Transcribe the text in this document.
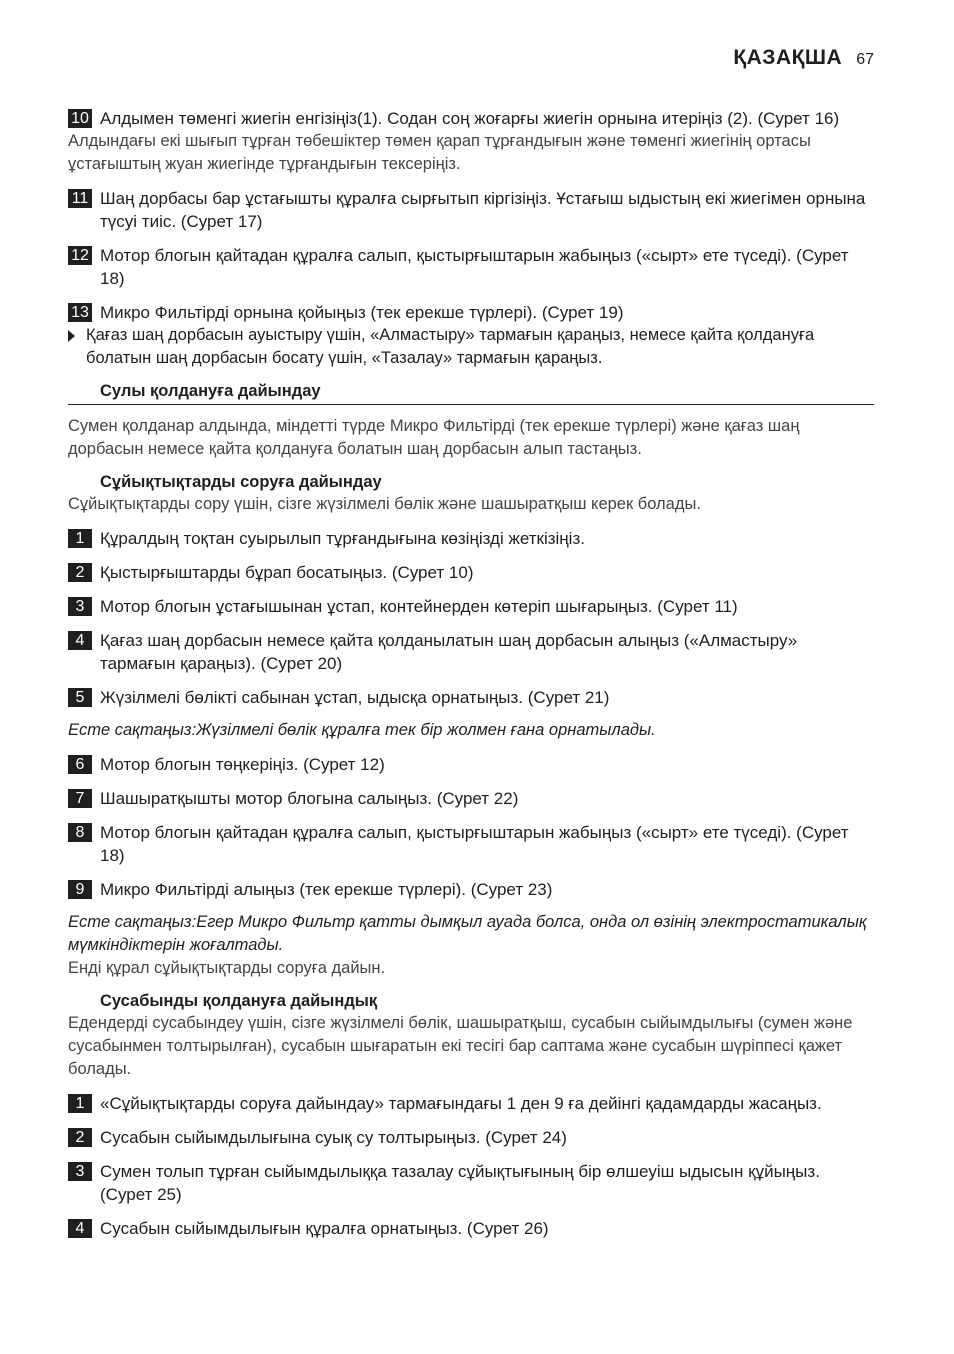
ҚАЗАҚША 67
10 Алдымен төменгі жиегін енгізіңіз(1). Содан соң жоғарғы жиегін орнына итеріңіз (2). (Сурет 16)
Алдындағы екі шығып тұрған төбешіктер төмен қарап тұрғандығын және төменгі жиегінің ортасы ұстағыштың жуан жиегінде тұрғандығын тексеріңіз.
11 Шаң дорбасы бар ұстағышты құралға сырғытып кіргізіңіз. Ұстағыш ыдыстың екі жиегімен орнына түсуі тиіс. (Сурет 17)
12 Мотор блогын қайтадан құралға салып, қыстырғыштарын жабыңыз («сырт» ете түседі). (Сурет 18)
13 Микро Фильтірді орнына қойыңыз (тек ерекше түрлері). (Сурет 19)
Қағаз шаң дорбасын ауыстыру үшін, «Алмастыру» тармағын қараңыз, немесе қайта қолдануға болатын шаң дорбасын босату үшін, «Тазалау» тармағын қараңыз.
Сулы қолдануға дайындау
Сумен қолданар алдында, міндетті түрде Микро Фильтірді (тек ерекше түрлері) және қағаз шаң дорбасын немесе қайта қолдануға болатын шаң дорбасын алып тастаңыз.
Сұйықтықтарды соруға дайындау
Сұйықтықтарды сору үшін, сізге жүзілмелі бөлік және шашыратқыш керек болады.
1 Құралдың тоқтан суырылып тұрғандығына көзіңізді жеткізіңіз.
2 Қыстырғыштарды бұрап босатыңыз. (Сурет 10)
3 Мотор блогын ұстағышынан ұстап, контейнерден көтеріп шығарыңыз. (Сурет 11)
4 Қағаз шаң дорбасын немесе қайта қолданылатын шаң дорбасын алыңыз («Алмастыру» тармағын қараңыз). (Сурет 20)
5 Жүзілмелі бөлікті сабынан ұстап, ыдысқа орнатыңыз. (Сурет 21)
Есте сақтаңыз:Жүзілмелі бөлік құралға тек бір жолмен ғана орнатылады.
6 Мотор блогын төңкеріңіз. (Сурет 12)
7 Шашыратқышты мотор блогына салыңыз. (Сурет 22)
8 Мотор блогын қайтадан құралға салып, қыстырғыштарын жабыңыз («сырт» ете түседі). (Сурет 18)
9 Микро Фильтірді алыңыз (тек ерекше түрлері). (Сурет 23)
Есте сақтаңыз:Егер Микро Фильтр қатты дымқыл ауада болса, онда ол өзінің электростатикалық мүмкіндіктерін жоғалтады.
Енді құрал сұйықтықтарды соруға дайын.
Сусабынды қолдануға дайындық
Едендерді сусабындеу үшін, сізге жүзілмелі бөлік, шашыратқыш, сусабын сыйымдылығы (сумен және сусабынмен толтырылған), сусабын шығаратын екі тесігі бар саптама және сусабын шүріппесі қажет болады.
1 «Сұйықтықтарды соруға дайындау» тармағындағы 1 ден 9 ға дейінгі қадамдарды жасаңыз.
2 Сусабын сыйымдылығына суық су толтырыңыз. (Сурет 24)
3 Сумен толып тұрған сыйымдылыққа тазалау сұйықтығының бір өлшеуіш ыдысын құйыңыз. (Сурет 25)
4 Сусабын сыйымдылығын құралға орнатыңыз. (Сурет 26)
